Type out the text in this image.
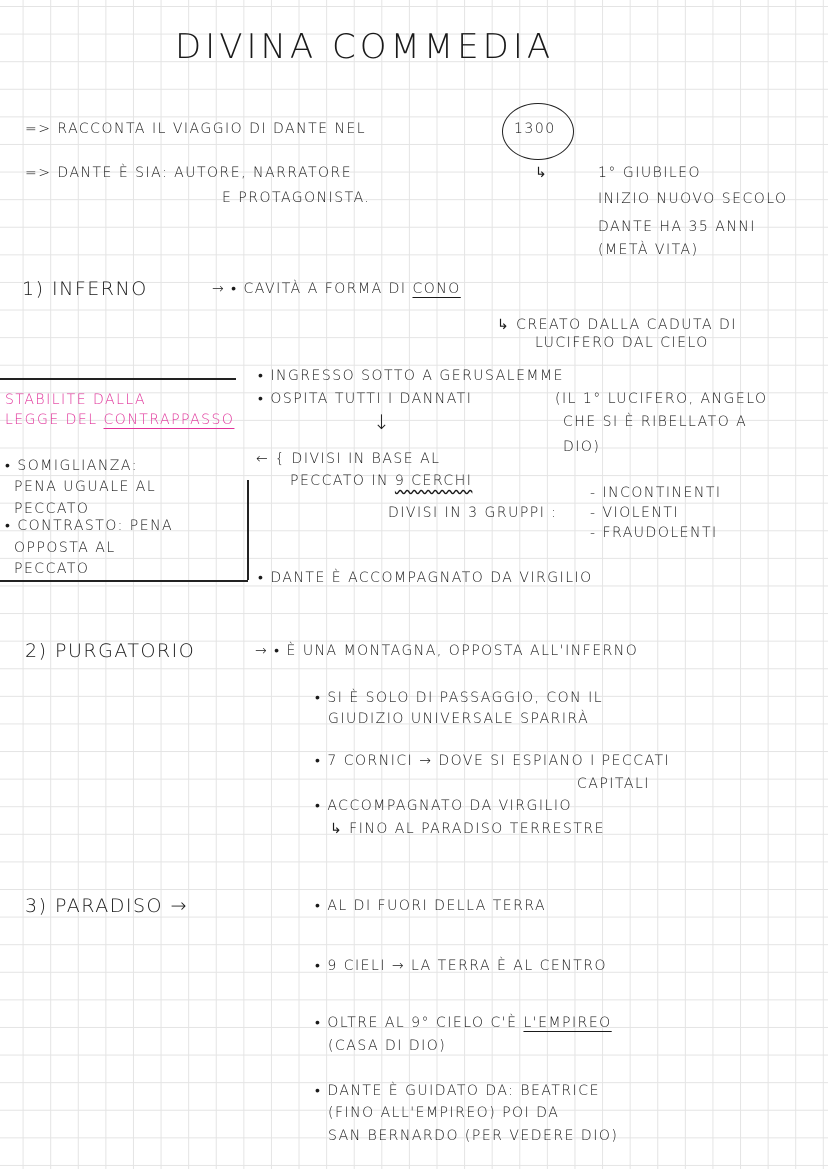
DIVINA COMMEDIA
=> RACCONTA IL VIAGGIO DI DANTE NEL	1300
=> DANTE È SIA: AUTORE, NARRATORE
E PROTAGONISTA.
↳	1° GIUBILEO
INIZIO NUOVO SECOLO
DANTE HA 35 ANNI
(METÀ VITA)
1) INFERNO	→ • CAVITÀ A FORMA DI CONO
↳ CREATO DALLA CADUTA DI
LUCIFERO DAL CIELO
STABILITE DALLA
LEGGE DEL CONTRAPPASSO
• SOMIGLIANZA:
PENA UGUALE AL
PECCATO
• CONTRASTO: PENA
OPPOSTA AL
PECCATO
• INGRESSO SOTTO A GERUSALEMME
• OSPITA TUTTI I DANNATI	(IL 1° LUCIFERO, ANGELO
CHE SI È RIBELLATO A
DIO)
↓
← { DIVISI IN BASE AL
PECCATO IN 9 CERCHI
DIVISI IN 3 GRUPPI :
- INCONTINENTI
- VIOLENTI
- FRAUDOLENTI
• DANTE È ACCOMPAGNATO DA VIRGILIO
2) PURGATORIO	→ • È UNA MONTAGNA, OPPOSTA ALL'INFERNO
• SI È SOLO DI PASSAGGIO, CON IL
GIUDIZIO UNIVERSALE SPARIRÀ
• 7 CORNICI → DOVE SI ESPIANO I PECCATI
CAPITALI
• ACCOMPAGNATO DA VIRGILIO
↳ FINO AL PARADISO TERRESTRE
3) PARADISO →	• AL DI FUORI DELLA TERRA
• 9 CIELI → LA TERRA È AL CENTRO
• OLTRE AL 9° CIELO C'È L'EMPIREO
(CASA DI DIO)
• DANTE È GUIDATO DA: BEATRICE
(FINO ALL'EMPIREO) POI DA
SAN BERNARDO (PER VEDERE DIO)
